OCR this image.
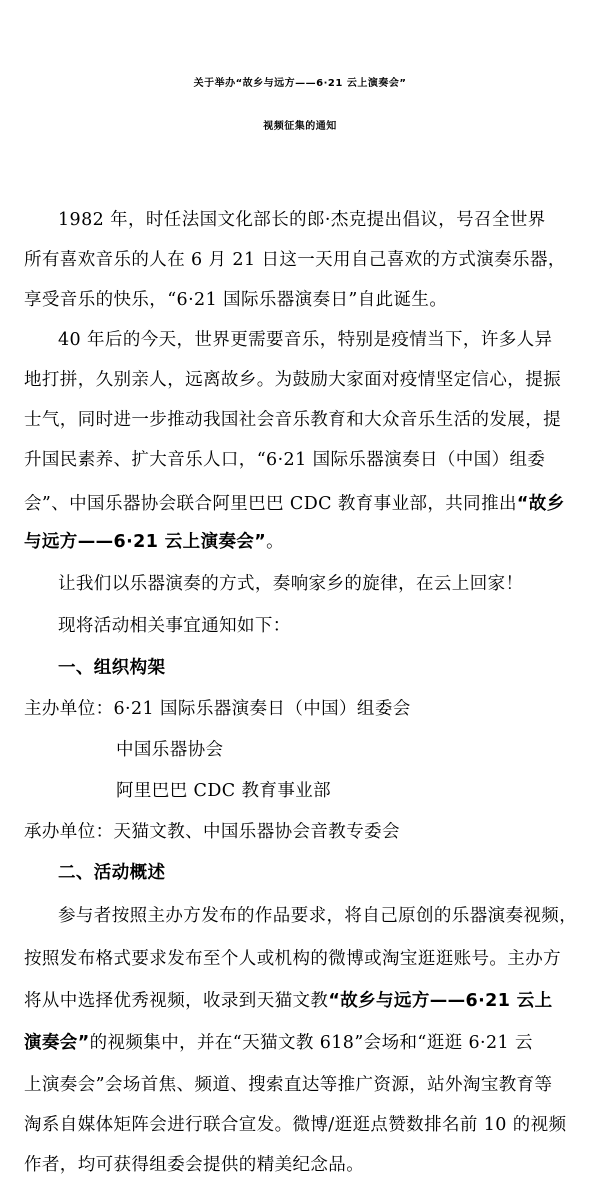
关于举办“故乡与远方——6·21 云上演奏会”
视频征集的通知
1982 年，时任法国文化部长的郎·杰克提出倡议，号召全世界
所有喜欢音乐的人在 6 月 21 日这一天用自己喜欢的方式演奏乐器，
享受音乐的快乐，“6·21 国际乐器演奏日”自此诞生。
40 年后的今天，世界更需要音乐，特别是疫情当下，许多人异
地打拼，久别亲人，远离故乡。为鼓励大家面对疫情坚定信心，提振
士气，同时进一步推动我国社会音乐教育和大众音乐生活的发展，提
升国民素养、扩大音乐人口，“6·21 国际乐器演奏日（中国）组委
会”、中国乐器协会联合阿里巴巴 CDC 教育事业部，共同推出“故乡
与远方——6·21 云上演奏会”。
让我们以乐器演奏的方式，奏响家乡的旋律，在云上回家！
现将活动相关事宜通知如下：
一、组织构架
主办单位：6·21 国际乐器演奏日（中国）组委会
中国乐器协会
阿里巴巴 CDC 教育事业部
承办单位：天猫文教、中国乐器协会音教专委会
二、活动概述
参与者按照主办方发布的作品要求，将自己原创的乐器演奏视频，
按照发布格式要求发布至个人或机构的微博或淘宝逛逛账号。主办方
将从中选择优秀视频，收录到天猫文教“故乡与远方——6·21 云上
演奏会”的视频集中，并在“天猫文教 618”会场和“逛逛 6·21 云
上演奏会”会场首焦、频道、搜索直达等推广资源，站外淘宝教育等
淘系自媒体矩阵会进行联合宣发。微博/逛逛点赞数排名前 10 的视频
作者，均可获得组委会提供的精美纪念品。
